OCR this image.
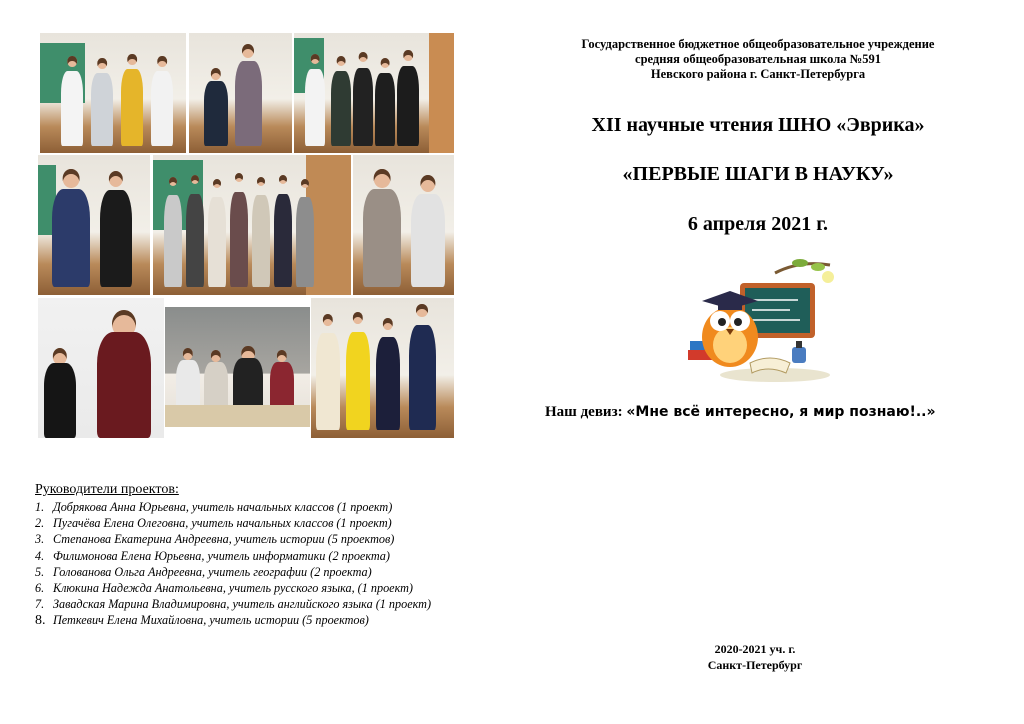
Государственное бюджетное общеобразовательное учреждение
средняя общеобразовательная школа №591
Невского района г. Санкт-Петербурга
XII научные чтения ШНО «Эврика»
«ПЕРВЫЕ ШАГИ В НАУКУ»
6 апреля 2021 г.
Наш девиз: «Мне всё интересно, я мир познаю!..»
Руководители проектов:
1. Добрякова Анна Юрьевна, учитель начальных классов (1 проект)
2. Пугачёва Елена Олеговна, учитель начальных классов (1 проект)
3. Степанова Екатерина Андреевна, учитель истории (5 проектов)
4. Филимонова Елена Юрьевна, учитель информатики (2 проекта)
5. Голованова Ольга Андреевна, учитель географии (2 проекта)
6. Клюкина Надежда Анатольевна, учитель русского языка, (1 проект)
7. Завадская Марина Владимировна, учитель английского языка (1 проект)
8. Петкевич Елена Михайловна, учитель истории (5 проектов)
2020-2021 уч. г.
Санкт-Петербург
